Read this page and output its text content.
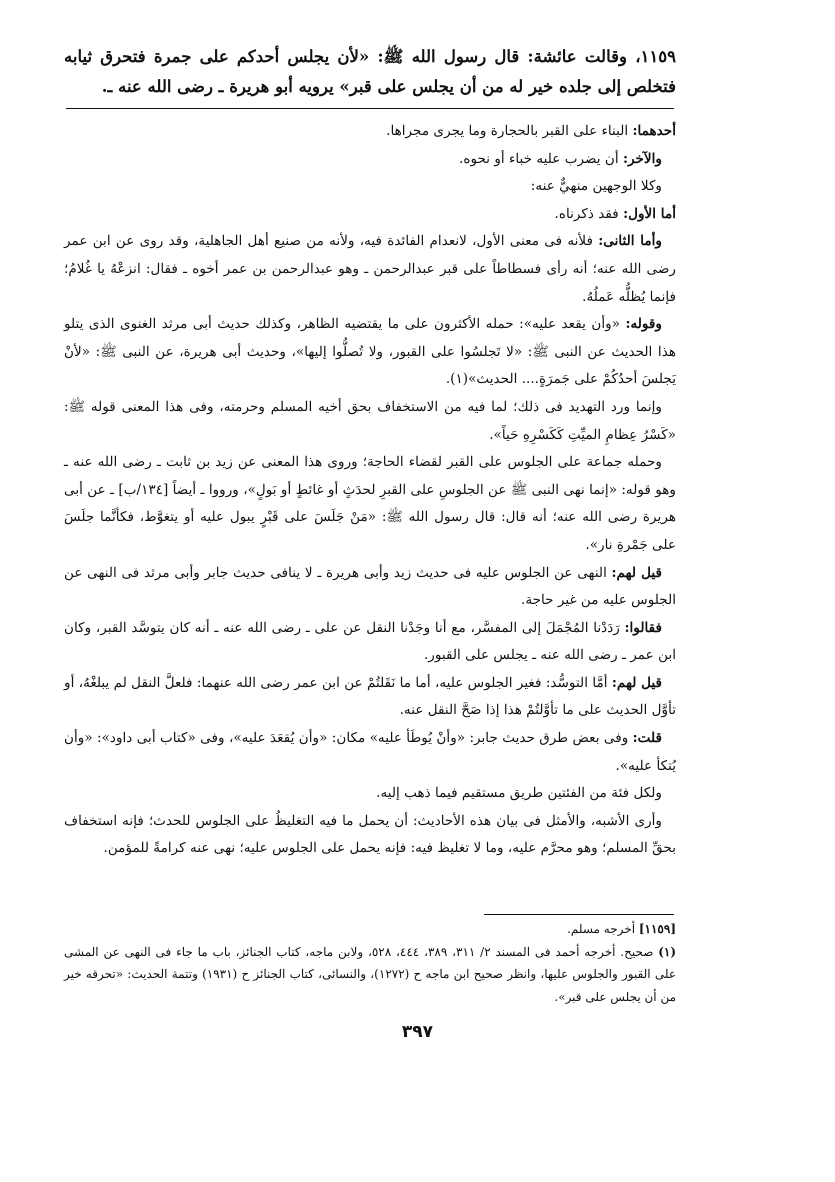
١١٥٩، وقالت عائشة: قال رسول الله ﷺ: «لأن يجلس أحدكم على جمرة فتحرق ثيابه فتخلص إلى جلده خير له من أن يجلس على قبر» يرويه أبو هريرة ـ رضى الله عنه ـ.

أحدهما: البناء على القبر بالحجارة وما يجرى مجراها.

والآخر: أن يضرب عليه خباء أو نحوه.

وكلا الوجهين منهيٌّ عنه:

أما الأول: فقد ذكرناه.

وأما الثانى: فلأنه فى معنى الأول، لانعدام الفائدة فيه، ولأنه من صنيع أهل الجاهلية، وقد روى عن ابن عمر رضى الله عنه؛ أنه رأى فسطاطاً على قبر عبدالرحمن ـ وهو عبدالرحمن بن عمر أخوه ـ فقال: انزعْهُ يا غُلامُ؛ فإنما يُظلُّه عَملُهُ.

وقوله: «وأن يقعد عليه»: حمله الأكثرون على ما يقتضيه الظاهر، وكذلك حديث أبى مرثد الغنوى الذى يتلو هذا الحديث عن النبى ﷺ: «لا تَجلسُوا على القبور، ولا تُصلُّوا إليها»، وحديث أبى هريرة، عن النبى ﷺ: «لأنْ يَجلسَ أحدُكُمْ على جَمرَةٍ.... الحديث»(١).

وإنما ورد التهديد فى ذلك؛ لما فيه من الاستخفاف بحق أخيه المسلم وحرمته، وفى هذا المعنى قوله ﷺ: «كَسْرُ عِظامِ الميِّتِ كَكَسْرِهِ حَياً».

وحمله جماعة على الجلوس على القبر لقضاء الحاجة؛ وروى هذا المعنى عن زيد بن ثابت ـ رضى الله عنه ـ وهو قوله: «إنما نهى النبى ﷺ عن الجلوسِ على القبرِ لحدَثٍ أو غائطٍ أو بَولٍ»، ورووا ـ أيضاً [١٣٤/ب] ـ عن أبى هريرة رضى الله عنه؛ أنه قال: قال رسول الله ﷺ: «مَنْ جَلَسَ على قَبْرٍ يبول عليه أو يتغوَّط، فكأنَّما جلَسَ على جَمْرةِ نار».

قيل لهم: النهى عن الجلوس عليه فى حديث زيد وأبى هريرة ـ لا ينافى حديث جابر وأبى مرثد فى النهى عن الجلوس عليه من غير حاجة.

فقالوا: رَدَدْنا المُجْمَلَ إلى المفسَّر، مع أنا وجَدْنا النقل عن على ـ رضى الله عنه ـ أنه كان يتوسَّد القبر، وكان ابن عمر ـ رضى الله عنه ـ يجلس على القبور.

قيل لهم: أمَّا التوسُّد: فغير الجلوس عليه، أما ما نَقَلتُمْ عن ابن عمر رضى الله عنهما: فلعلَّ النقل لم يبلغْهُ، أو تأوَّل الحديث على ما تأوَّلتُمْ هذا إذا صَحَّ النقل عنه.

قلت: وفى بعض طرق حديث جابر: «وأنْ يُوطَأ عليه» مكان: «وأن يُقعَدَ عليه»، وفى «كتاب أبى داود»: «وأن يُتكأ عليه».

ولكل فئة من الفئتين طريق مستقيم فيما ذهب إليه.

وأرى الأشبه، والأمثل فى بيان هذه الأحاديث: أن يحمل ما فيه التغليظُ على الجلوس للحدث؛ فإنه استخفاف بحقِّ المسلم؛ وهو محرَّم عليه، وما لا تغليظ فيه: فإنه يحمل على الجلوس عليه؛ نهى عنه كرامةً للمؤمن.

[١١٥٩] أخرجه مسلم.

(١) صحيح. أخرجه أحمد فى المسند ٢/ ٣١١، ٣٨٩، ٤٤٤، ٥٢٨، ولابن ماجه، كتاب الجنائز، باب ما جاء فى النهى عن المشى على القبور والجلوس عليها، وانظر صحيح ابن ماجه ح (١٢٧٢)، والنسائى، كتاب الجنائز ح (١٩٣١) وتتمة الحديث: «تحرقه خير من أن يجلس على قبر».

٣٩٧
